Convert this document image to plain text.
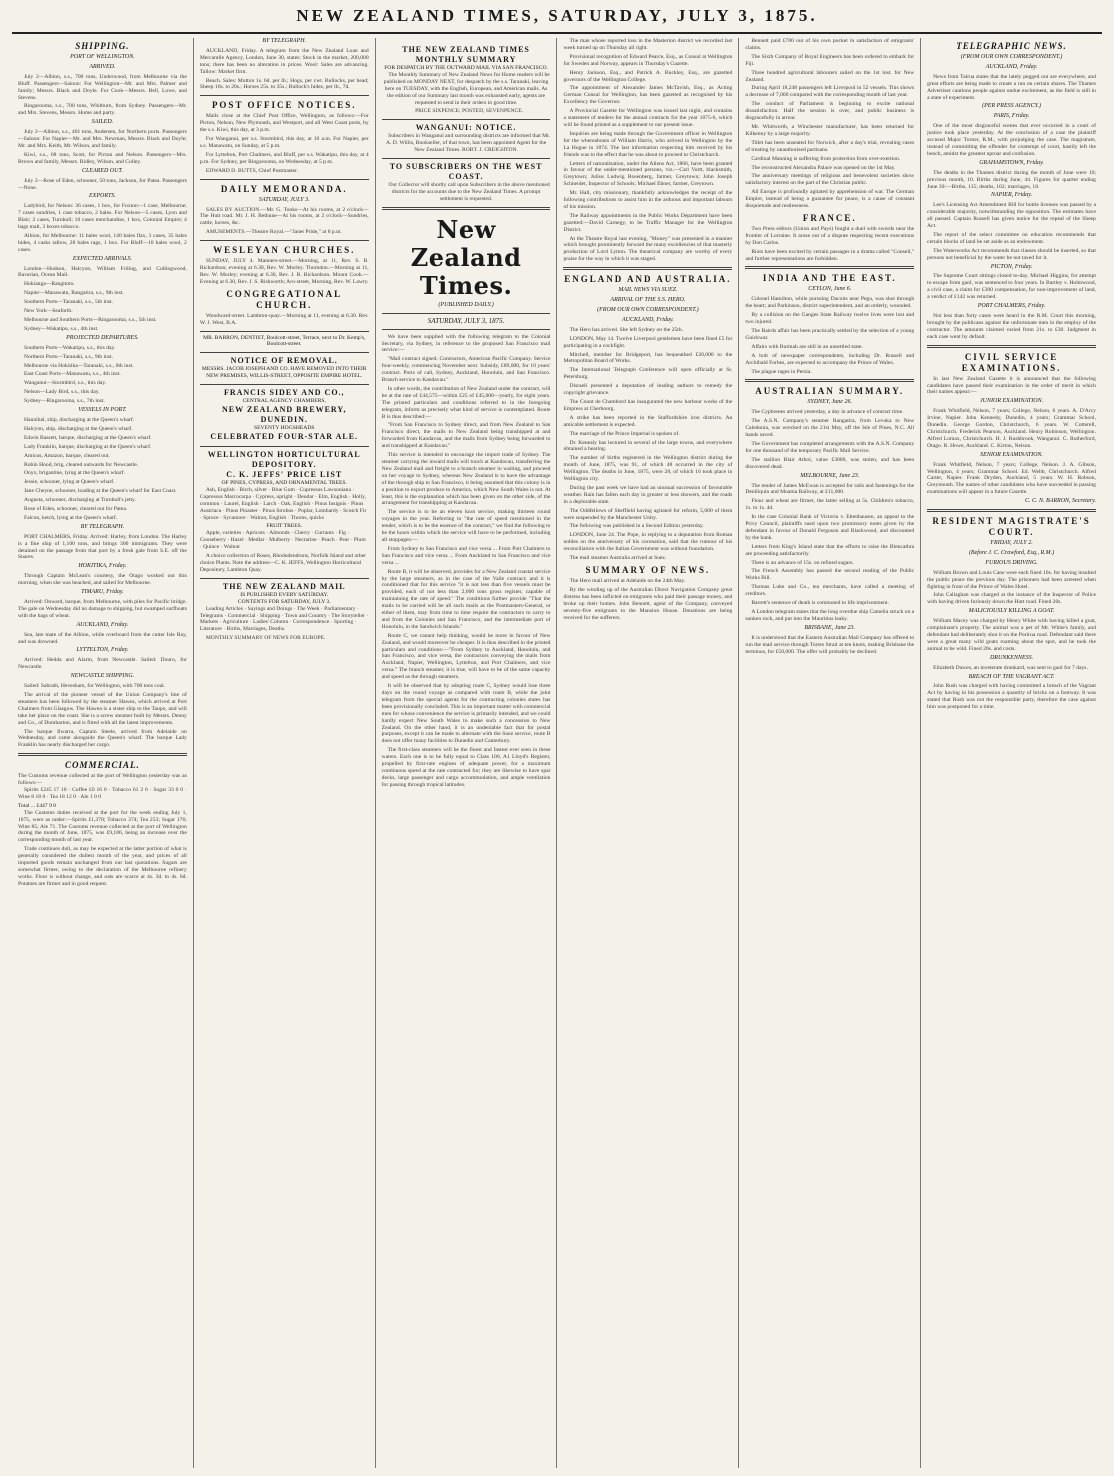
NEW ZEALAND TIMES, SATURDAY, JULY 3, 1875.
SHIPPING.
PORT OF WELLINGTON.
ARRIVED.

July 2—Albion, s.s., 700 tons, Underwood, from Melbourne via the Bluff. Passengers—Saloon: For Wellington—Mr. and Mrs. Palmer and family; Messrs. Black and Doyle. For Cook—Messrs. Bell, Lowe, and Stevens.

Ringarooma, s.s., 700 tons, Whitburn, from Sydney. Passengers—Mr. and Mrs. Stevens, Messrs. Hume and party.

SAILED.

July 2—Albion, s.s., 401 tons, Andersen, for Northern ports. Passengers—Saloon: For Napier—Mr. and Mrs. Newman, Messrs. Black and Doyle; Mr. and Mrs. Keith, Mr. Wilson, and family.

Kiwi, s.s., 68 tons, Scott, for Picton and Nelson. Passengers—Mrs. Brown and family, Messrs. Ridley, Wilson, and Colley.

CLEARED OUT.

July 2—Rose of Eden, schooner, 50 tons, Jackson, for Patea. Passengers—None.

EXPORTS.

Ladybird, for Nelson: 36 cases, 1 box, for Foxton—1 case, Melbourne; 7 cases sundries, 1 case tobacco, 2 bales. For Nelson—5 cases, Lyon and Blair; 2 cases, Turnbull; 10 cases merchandise, 1 box, Colonial Empire; 4 bags malt, 3 boxes tobacco.

Albion, for Melbourne: 11 bales wool, 140 bales flax, 3 cases, 35 bales hides, 4 casks tallow, 28 bales rags, 1 box. For Bluff—10 bales wool, 2 cases.

EXPECTED ARRIVALS.

London—Hudson, Halcyon, William Friling, and Collingwood, Bavarian, Ocean Mail.

Hokianga—Rangitoto.

Napier—Manawatu, Rangatira, s.s., 9th inst.

Southern Ports—Taranaki, s.s., 5th inst.

New York—Seaforth.

Melbourne and Southern Ports—Ringarooma, s.s., 5th inst.

Sydney—Wakatipu, s.s., 4th inst.

PROJECTED DEPARTURES.

Southern Ports—Wakatipu, s.s., this day.

Northern Ports—Taranaki, s.s., 9th inst.

Melbourne via Hokitika—Taranaki, s.s., 6th inst.

East Coast Ports—Manawatu, s.s., 4th inst.

Wanganui—Stormbird, s.s., this day.

Nelson—Lady Bird, s.s., this day.

Sydney—Ringarooma, s.s., 7th inst.

VESSELS IN PORT.

Hannibal, ship, discharging at the Queen's wharf.

Halcyon, ship, discharging at the Queen's wharf.

Edwin Bassett, barque, discharging at the Queen's wharf.

Lady Franklin, barque, discharging at the Queen's wharf.

Amicus, Amazon, barque, cleared out.

Robin Hood, brig, cleared outwards for Newcastle.

Onyx, brigantine, lying at the Queen's wharf.

Jessie, schooner, lying at Queen's wharf.

Jane Cheyne, schooner, loading at the Queen's wharf for East Coast.

Augusta, schooner, discharging at Turnbull's jetty.

Rose of Eden, schooner, cleared out for Patea.

Falcon, ketch, lying at the Queen's wharf.

BY TELEGRAPH.

PORT CHALMERS, Friday. Arrived: Harley, from London. The Harley is a fine ship of 1,100 tons, and brings 300 immigrants. They were detained on the passage from that port by a fresh gale from S.E. off the Snares.

HOKITIKA, Friday.

Through Captain McLean's courtesy, the Otago worked out this morning, when she was beached, and sailed for Melbourne.

TIMARU, Friday.

Arrived: Onward, barque, from Melbourne, with piles for Pacific bridge. The gale on Wednesday did no damage to shipping, but swamped surfboats with the bags of wheat.

AUCKLAND, Friday.

Sea, late mate of the Albion, while overboard from the cutter Isle Ray, and was drowned.

LYTTELTON, Friday.

Arrived: Hedda and Alarm, from Newcastle. Sailed: Douro, for Newcastle.

NEWCASTLE SHIPPING.

Sailed: Sabrath, Hevesham, for Wellington, with 700 tons coal.

The arrival of the pioneer vessel of the Union Company's line of steamers has been followed by the steamer Hawea, which arrived at Port Chalmers from Glasgow. The Hawea is a sister ship to the Taupo, and will take her place on the coast. She is a screw steamer built by Messrs. Denny and Co., of Dumbarton, and is fitted with all the latest improvements.

The barque Ilwarra, Captain Steele, arrived from Adelaide on Wednesday, and came alongside the Queen's wharf. The barque Lady Franklin has nearly discharged her cargo.

COMMERCIAL.
The Customs revenue collected at the port of Wellington yesterday was as follows:—

Spirits £245 17 10 · Coffee £0 16 0 · Tobacco 61 2 6 · Sugar 33 0 0 · Wine 8 18 0 · Tea 18 12 0 · Ale 1 0 0

Total ... £447 9 0

The Customs duties received at the port for the week ending July 1, 1875, were as under:—Spirits £1,378; Tobacco 374; Tea 253; Sugar 176; Wine 85; Ale 71. The Customs revenue collected at the port of Wellington during the month of June, 1875, was £9,186, being an increase over the corresponding month of last year.

Trade continues dull, as may be expected at the latter portion of what is generally considered the dullest month of the year, and prices of all imported goods remain unchanged from our last quotations. Sugars are somewhat firmer, owing to the declaration of the Melbourne refinery works. Flour is without change, and oats are scarce at 4s. 3d. to 4s. 6d. Potatoes are firmer and in good request.

BY TELEGRAPH.

AUCKLAND, Friday. A telegram from the New Zealand Loan and Mercantile Agency, London, June 30, states: Stock in the market, 200,000 tons; there has been no alteration in prices. Wool: Sales are advancing. Tallow: Market firm.

Beach. Sales: Mutton 1s. 6d. per lb.; Hogs, per cwt. Bullocks, per head; Sheep 16s. to 20s.; Horses 25s. to 35s.; Bullock's hides, per lb., 7d.

POST OFFICE NOTICES.

Mails close at the Chief Post Office, Wellington, as follows:—For Picton, Nelson, New Plymouth, and Westport, and all West Coast ports, by the s.s. Kiwi, this day, at 3 p.m.

For Wanganui, per s.s. Stormbird, this day, at 10 a.m. For Napier, per s.s. Manawatu, on Sunday, at 5 p.m.

For Lyttelton, Port Chalmers, and Bluff, per s.s. Wakatipu, this day, at 4 p.m. For Sydney, per Ringarooma, on Wednesday, at 5 p.m.

EDWARD D. BUTTS, Chief Postmaster.

DAILY MEMORANDA.
SATURDAY, JULY 3.

SALES BY AUCTION.—Mr. G. Tonks—At his rooms, at 2 o'clock—The Hutt road. Mr. J. H. Bethune—At his rooms, at 2 o'clock—Sundries, cattle, horses, &c.

AMUSEMENTS.—Theatre Royal.—"Janet Pride," at 8 p.m.

WESLEYAN CHURCHES.

SUNDAY, JULY 4. Manners-street.—Morning, at 11, Rev. S. B. Richardson; evening at 6.30, Rev. W. Morley. Thorndon.—Morning at 11, Rev. W. Morley; evening at 6.30, Rev. J. B. Richardson. Mount Cook.—Evening at 6.30, Rev. J. S. Rishworth; Aro-street, Morning, Rev. W. Lawry.

CONGREGATIONAL CHURCH.

Woodward-street. Lambton-quay.—Morning at 11, evening at 6.30. Rev. W. J. West, B.A.

MR. BARRON, DENTIST, Boulcott-street, Terrace, next to Dr. Kemp's, Boulcott-street.
NOTICE OF REMOVAL.
MESSRS. JACOB JOSEPH AND CO. HAVE REMOVED INTO THEIR NEW PREMISES, WILLIS-STREET, OPPOSITE EMPIRE HOTEL.
FRANCIS SIDEY AND CO.,
CENTRAL AGENCY CHAMBERS,
NEW ZEALAND BREWERY, DUNEDIN.
SEVENTY HOGSHEADS
CELEBRATED FOUR-STAR ALE.
WELLINGTON HORTICULTURAL DEPOSITORY.
C. K. JEFFS' PRICE LIST
OF PINES, CYPRESS, AND ORNAMENTAL TREES.

Ash, English · Birch, silver · Blue Gum · Cupressus Lawsoniana · Cupressus Macrocarpa · Cypress, upright · Deodar · Elm, English · Holly, common · Laurel, English · Larch · Oak, English · Pinus Insignis · Pinus Austriaca · Pinus Pinaster · Pinus Strobus · Poplar, Lombardy · Scotch Fir · Spruce · Sycamore · Walnut, English · Thorns, quicks

FRUIT TREES.

Apple, varieties · Apricots · Almonds · Cherry · Currants · Fig · Gooseberry · Hazel · Medlar · Mulberry · Nectarine · Peach · Pear · Plum · Quince · Walnut

A choice collection of Roses, Rhododendrons, Norfolk Island and other choice Plants. Note the address—C. K. JEFFS, Wellington Horticultural Depository, Lambton Quay.

THE NEW ZEALAND MAIL
IS PUBLISHED EVERY SATURDAY.
CONTENTS FOR SATURDAY, JULY 3.

Leading Articles · Sayings and Doings · The Week · Parliamentary · Telegrams · Commercial · Shipping · Town and Country · The Storyteller · Markets · Agriculture · Ladies' Column · Correspondence · Sporting · Literature · Births, Marriages, Deaths.

MONTHLY SUMMARY OF NEWS FOR EUROPE.

THE NEW ZEALAND TIMES MONTHLY SUMMARY
FOR DESPATCH BY THE OUTWARD MAIL VIA SAN FRANCISCO.

The Monthly Summary of New Zealand News for Home readers will be published on MONDAY NEXT, for despatch by the s.s. Taranaki, leaving here on TUESDAY, with the English, European, and American mails. As the edition of our Summary last month was exhausted early, agents are requested to send in their orders in good time.

PRICE SIXPENCE; POSTED, SEVENPENCE.

WANGANUI: NOTICE.

Subscribers in Wanganui and surrounding districts are informed that Mr. A. D. Willis, Bookseller, of that town, has been appointed Agent for the New Zealand Times. ROBT. J. CREIGHTON.

TO SUBSCRIBERS ON THE WEST COAST.

Our Collector will shortly call upon Subscribers in the above mentioned districts for the accounts due to the New Zealand Times. A prompt settlement is requested.

New Zealand Times.
(PUBLISHED DAILY.)
SATURDAY, JULY 3, 1875.

We have been supplied with the following telegram to the Colonial Secretary, via Sydney, in reference to the proposed San Francisco mail service:—

"Mail contract signed. Contractors, American Pacific Company. Service four-weekly, commencing November next. Subsidy, £89,000, for 10 years' contract. Ports of call, Sydney, Auckland, Honolulu, and San Francisco. Branch service to Kandavau."

In other words, the contribution of New Zealand under the contract, will be at the rate of £44,575—within £25 of £45,000—yearly, for eight years. The printed particulars and conditions referred to in the foregoing telegram, inform us precisely what kind of service is contemplated. Route B is thus described:—

"From San Francisco to Sydney direct, and from New Zealand to San Francisco direct, the mails to New Zealand being transhipped at and forwarded from Kandavau, and the mails from Sydney being forwarded to and transhipped at Kandavau."

This service is intended to encourage the import trade of Sydney. The steamer carrying the inward mails will touch at Kandavau, transferring the New Zealand mail and freight to a branch steamer in waiting, and proceed on her voyage to Sydney, whereas New Zealand is to have the advantage of the through ship to San Francisco, it being assumed that this colony is in a position to export produce to America, which New South Wales is not. At least, this is the explanation which has been given on the other side, of the arrangement for transhipping at Kandavau.

The service is to be an eleven knot service, making thirteen round voyages in the year. Referring to "the rate of speed mentioned in the tender, which is to be the essence of the contract," we find the following to be the hours within which the service will have to be performed, including all stoppages:—

From Sydney to San Francisco and vice versa ... From Port Chalmers to San Francisco and vice versa ... From Auckland to San Francisco and vice versa ...

Route B, it will be observed, provides for a New Zealand coastal service by the large steamers, as in the case of the Vaile contract; and it is conditioned that for this service "it is not less than five vessels must be provided, each of not less than 2,000 tons gross register, capable of maintaining the rate of speed." The conditions further provide "That the mails to be carried will be all such mails as the Postmasters-General, or either of them, may from time to time require the contractors to carry to and from the Colonies and San Francisco, and the intermediate port of Honolulu, in the Sandwich Islands."

Route C, we cannot help thinking, would be more in favour of New Zealand, and would moreover be cheaper. It is thus described in the printed particulars and conditions:—"From Sydney to Auckland, Honolulu, and San Francisco, and vice versa, the contractors conveying the mails from Auckland, Napier, Wellington, Lyttelton, and Port Chalmers, and vice versa." The branch steamer, it is true, will have to be of the same capacity and speed as the through steamers.

It will be observed that by adopting route C, Sydney would lose three days on the round voyage as compared with route B, while the joint telegram from the special agents for the contracting colonies states has been provisionally concluded. This is an important matter with commercial men for whose convenience the service is primarily intended, and we could hardly expect New South Wales to make such a concession to New Zealand. On the other hand, it is an undeniable fact that for postal purposes, except it can be made to alternate with the Suez service, route B does not offer many facilities to Dunedin and Canterbury.

The first-class steamers will be the finest and fastest ever seen in these waters. Each one is to be fully equal to Class 100, A1 Lloyd's Register, propelled by first-rate engines of adequate power, for a maximum continuous speed at the rate contracted for; they are likewise to have spar decks, large passenger and cargo accommodation, and ample ventilation for passing through tropical latitudes.

The man whose reported loss in the Masterton district we recorded last week turned up on Thursday all right.

Provisional recognition of Edward Pearce, Esq., as Consul at Wellington for Sweden and Norway, appears in Thursday's Gazette.

Henry Jackson, Esq., and Patrick A. Buckley, Esq., are gazetted governors of the Wellington College.

The appointment of Alexander James McTavish, Esq., as Acting German Consul for Wellington, has been gazetted as recognised by his Excellency the Governor.

A Provincial Gazette for Wellington was issued last night, and contains a statement of tenders for the annual contracts for the year 1875-6, which will be found printed as a supplement to our present issue.

Inquiries are being made through the Government officer in Wellington for the whereabouts of William Harris, who arrived in Wellington by the La Hogue in 1874. The last information respecting him received by his friends was to the effect that he was about to proceed to Christchurch.

Letters of naturalisation, under the Aliens Act, 1866, have been granted in favour of the under-mentioned persons, viz.—Carl Vortt, blacksmith, Greytown; Julius Ludwig Rosenberg, farmer, Greytown; John Joseph Schneider, Inspector of Schools; Michael Ebner, farmer, Greytown.

Mr. Hall, city missionary, thankfully acknowledges the receipt of the following contributions to assist him in the arduous and important labours of his mission.

The Railway appointments in the Public Works Department have been gazetted:—David Carnegy, to be Traffic Manager for the Wellington District.

At the Theatre Royal last evening, "Money" was presented in a manner which brought prominently forward the many excellencies of that masterly production of Lord Lytton. The theatrical company are worthy of every praise for the way in which it was staged.

ENGLAND AND AUSTRALIA.
MAIL NEWS VIA SUEZ.
ARRIVAL OF THE S.S. HERO.
(FROM OUR OWN CORRESPONDENT.)
AUCKLAND, Friday.

The Hero has arrived. She left Sydney on the 25th.

LONDON, May 14. Twelve Liverpool gentlemen have been fined £5 for participating in a cockfight.

Mitchell, member for Bridgeport, has bequeathed £20,000 to the Metropolitan Board of Works.

The International Telegraph Conference will open officially at St. Petersburg.

Disraeli presented a deputation of leading authors to remedy the copyright grievance.

The Count de Chambord has inaugurated the new harbour works of the Empress at Cherbourg.

A strike has been reported in the Staffordshire iron districts. An amicable settlement is expected.

The marriage of the Prince Imperial is spoken of.

Dr. Kenealy has lectured in several of the large towns, and everywhere obtained a hearing.

The number of births registered in the Wellington district during the month of June, 1875, was 91, of which 48 occurred in the city of Wellington. The deaths in June, 1875, were 28, of which 16 took place in Wellington city.

During the past week we have had an unusual succession of favourable weather. Rain has fallen each day in greater or less showers, and the roads in a deplorable state.

The Oddfellows of Sheffield having agitated for reform, 5,000 of them were suspended by the Manchester Unity.

The following was published in a Second Edition yesterday.

LONDON, June 24. The Pope, in replying to a deputation from Roman nobles on the anniversary of his coronation, said that the rumour of his reconciliation with the Italian Government was without foundation.

The mail steamer Australia arrived at Suez.

SUMMARY OF NEWS.

The Hero mail arrived at Adelaide on the 24th May.

By the winding up of the Australian Direct Navigation Company great distress has been inflicted on emigrants who paid their passage money, and broke up their homes. John Bennett, agent of the Company, conveyed seventy-five emigrants to the Mansion House. Donations are being received for the sufferers.

Bennett paid £700 out of his own pocket in satisfaction of emigrants' claims.

The Sixth Company of Royal Engineers has been ordered to embark for Fiji.

Three hundred agricultural labourers sailed on the 1st inst. for New Zealand.

During April 18,248 passengers left Liverpool in 52 vessels. This shows a decrease of 7,000 compared with the corresponding month of last year.

The conduct of Parliament is beginning to excite national dissatisfaction. Half the session is over, and public business is disgracefully in arrear.

Mr. Whitworth, a Winchester manufacturer, has been returned for Kilkenny by a large majority.

Tillet has been unseated for Norwich, after a day's trial, revealing cases of treating by unauthorised partisans.

Cardinal Manning is suffering from protection from over-exertion.

The reconstructed Alexandra Palace was opened on the 1st May.

The anniversary meetings of religious and benevolent societies show satisfactory interest on the part of the Christian public.

All Europe is profoundly agitated by apprehension of war. The German Empire, instead of being a guarantee for peace, is a cause of constant disquietude and restlessness.

FRANCE.

Two Press editors (Union and Pays) fought a duel with swords near the frontier of Lorraine. It arose out of a dispute respecting recent executions by Don Carlos.

Riots have been excited by certain passages in a drama called "Conseil," and further representations are forbidden.

INDIA AND THE EAST.
CEYLON, June 6.

Colonel Hamilton, while pursuing Dacoits near Pegu, was shot through the heart; and Parkinson, district superintendent, and an orderly, wounded.

By a collision on the Ganges State Railway twelve lives were lost and two injured.

The Bairds affair has been practically settled by the selection of a young Guickwar.

Affairs with Burmah are still in an unsettled state.

A bolt of newspaper correspondents, including Dr. Russell and Archibald Forbes, are expected to accompany the Prince of Wales.

The plague rages in Persia.

AUSTRALIAN SUMMARY.
SYDNEY, June 26.

The Cyphrenes arrived yesterday, a day in advance of contract time.

The A.S.N. Company's steamer Rangatira, from Levuka to New Caledonia, was wrecked on the 21st May, off the Isle of Pines, N.C. All hands saved.

The Government has completed arrangements with the A.S.N. Company for one thousand of the temporary Pacific Mail Service.

The stallion Blair Athol, value £3000, was stolen, and has been discovered dead.

MELBOURNE, June 23.

The tender of James McEwan is accepted for rails and fastenings for the Deniliquin and Moama Railway, at £11,000.

Flour and wheat are firmer, the latter selling at 5s. Children's tobacco, 1s. to 1s. 4d.

In the case Colonial Bank of Victoria v. Ettenhausen, an appeal to the Privy Council, plaintiffs sued upon two promissory notes given by the defendant in favour of Donald Ferguson and Blackwood, and discounted by the bank.

Letters from King's Island state that the efforts to raise the Blencathra are proceeding satisfactorily.

There is an advance of 15s. on refined sugars.

The French Assembly has passed the second reading of the Public Works Bill.

Thomas Luke and Co., tea merchants, have called a meeting of creditors.

Barrett's sentence of death is commuted to life imprisonment.

A London telegram states that the long overdue ship Camelia struck on a sunken rock, and put into the Mauritius leaky.

BRISBANE, June 23.

It is understood that the Eastern Australian Mail Company has offered to run the mail service through Torres Strait at ten knots, making Brisbane the terminus, for £50,000. The offer will probably be declined.

TELEGRAPHIC NEWS.
(FROM OUR OWN CORRESPONDENT.)
AUCKLAND, Friday.

News from Tairua states that the lately pegged out are everywhere, and great efforts are being made to create a run on certain shares. The Thames Advertiser cautions people against undue excitement, as the field is still in a state of experiment.

(PER PRESS AGENCY.)
PARIS, Friday.

One of the most disgraceful scenes that ever occurred in a court of justice took place yesterday. At the conclusion of a case the plaintiff accused Major Turner, R.M., with prejudging the case. The magistrate, instead of committing the offender for contempt of court, hastily left the bench, amidst the greatest uproar and confusion.

GRAHAMSTOWN, Friday.

The deaths in the Thames district during the month of June were 10; previous month, 10. Births during June, 44. Figures for quarter ending June 30:—Births, 115; deaths, 102; marriages, 18.

NAPIER, Friday.

Lee's Licensing Act Amendment Bill for bottle licenses was passed by a considerable majority, notwithstanding the opposition. The estimates have all passed. Captain Russell has given notice for the repeal of the Sheep Act.

The report of the select committee on education recommends that certain blocks of land be set aside as an endowment.

The Waterworks Act recommends that classes should be inserted, so that persons not beneficial by the water be not taxed for it.

PICTON, Friday.

The Supreme Court sittings closed to-day. Michael Higgins, for attempt to escape from gaol, was sentenced to four years. In Bartley v. Holmwood, a civil case, a claim for £300 compensation, for non-improvement of land, a verdict of £142 was returned.

PORT CHALMERS, Friday.

Not less than forty cases were heard in the R.M. Court this morning, brought by the publicans against the unfortunate men in the employ of the contractor. The amounts claimed varied from 21s. to £30. Judgment in each case went by default.

CIVIL SERVICE EXAMINATIONS.

In last New Zealand Gazette it is announced that the following candidates have passed their examination in the order of merit in which their names appear:—

JUNIOR EXAMINATION.

Frank Whitfield, Nelson, 7 years; College, Nelson, 6 years. A. D'Arcy Irvine, Napier. John Kennedy, Dunedin, 4 years; Grammar School, Dunedin. George Gordon, Christchurch, 6 years. W. Cotterell, Christchurch. Frederick Pearson, Auckland. Henry Robinson, Wellington. Alfred Lomax, Christchurch. H. J. Rushbrook, Wanganui. C. Rutherford, Otago. R. Howe, Auckland. C. Kirton, Nelson.

SENIOR EXAMINATION.

Frank Whitfield, Nelson, 7 years; College, Nelson. J. A. Gibson, Wellington, 4 years; Grammar School. Ed. Webb, Christchurch. Alfred Carter, Napier. Frank Dryden, Auckland, 5 years. W. H. Robson, Greymouth. The names of other candidates who have succeeded in passing examinations will appear in a future Gazette.

C. C. N. BARRON, Secretary.
RESIDENT MAGISTRATE'S COURT.
FRIDAY, JULY 2.
(Before J. C. Crawford, Esq., R.M.)
FURIOUS DRIVING.

William Brown and Louis Cane were each fined 10s. for having insulted the public peace the previous day. The prisoners had been arrested when fighting in front of the Prince of Wales Hotel.

John Callaghan was charged at the instance of the Inspector of Police with having driven furiously down the Hutt road. Fined 20s.

MALICIOUSLY KILLING A GOAT.

William Macey was charged by Henry White with having killed a goat, complainant's property. The animal was a pet of Mr. White's family, and defendant had deliberately shot it on the Porirua road. Defendant said there were a great many wild goats roaming about the spot, and he took the animal to be wild. Fined 20s. and costs.

DRUNKENNESS.

Elizabeth Dawes, an inveterate drunkard, was sent to gaol for 7 days.

BREACH OF THE VAGRANT ACT.

John Rush was charged with having committed a breach of the Vagrant Act by having in his possession a quantity of bricks on a footway. It was stated that Rush was not the responsible party, therefore the case against him was postponed for a time.
